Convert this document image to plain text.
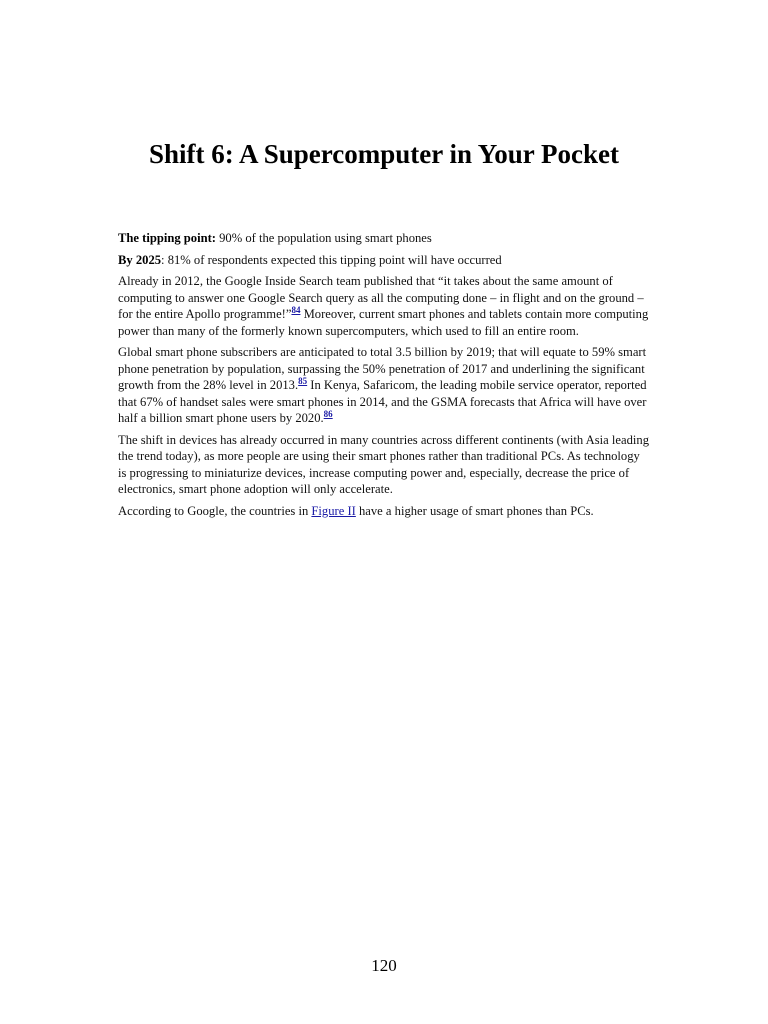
Shift 6: A Supercomputer in Your Pocket

The tipping point: 90% of the population using smart phones

By 2025: 81% of respondents expected this tipping point will have occurred

Already in 2012, the Google Inside Search team published that “it takes about the same amount of computing to answer one Google Search query as all the computing done – in flight and on the ground – for the entire Apollo programme!”$^{84}$ Moreover, current smart phones and tablets contain more computing power than many of the formerly known supercomputers, which used to fill an entire room.

Global smart phone subscribers are anticipated to total 3.5 billion by 2019; that will equate to 59% smart phone penetration by population, surpassing the 50% penetration of 2017 and underlining the significant growth from the 28% level in 2013.85 In Kenya, Safaricom, the leading mobile service operator, reported that 67% of handset sales were smart phones in 2014, and the GSMA forecasts that Africa will have over half a billion smart phone users by 2020.86

The shift in devices has already occurred in many countries across different continents (with Asia leading the trend today), as more people are using their smart phones rather than traditional PCs. As technology is progressing to miniaturize devices, increase computing power and, especially, decrease the price of electronics, smart phone adoption will only accelerate.

According to Google, the countries in Figure II have a higher usage of smart phones than PCs.

120
